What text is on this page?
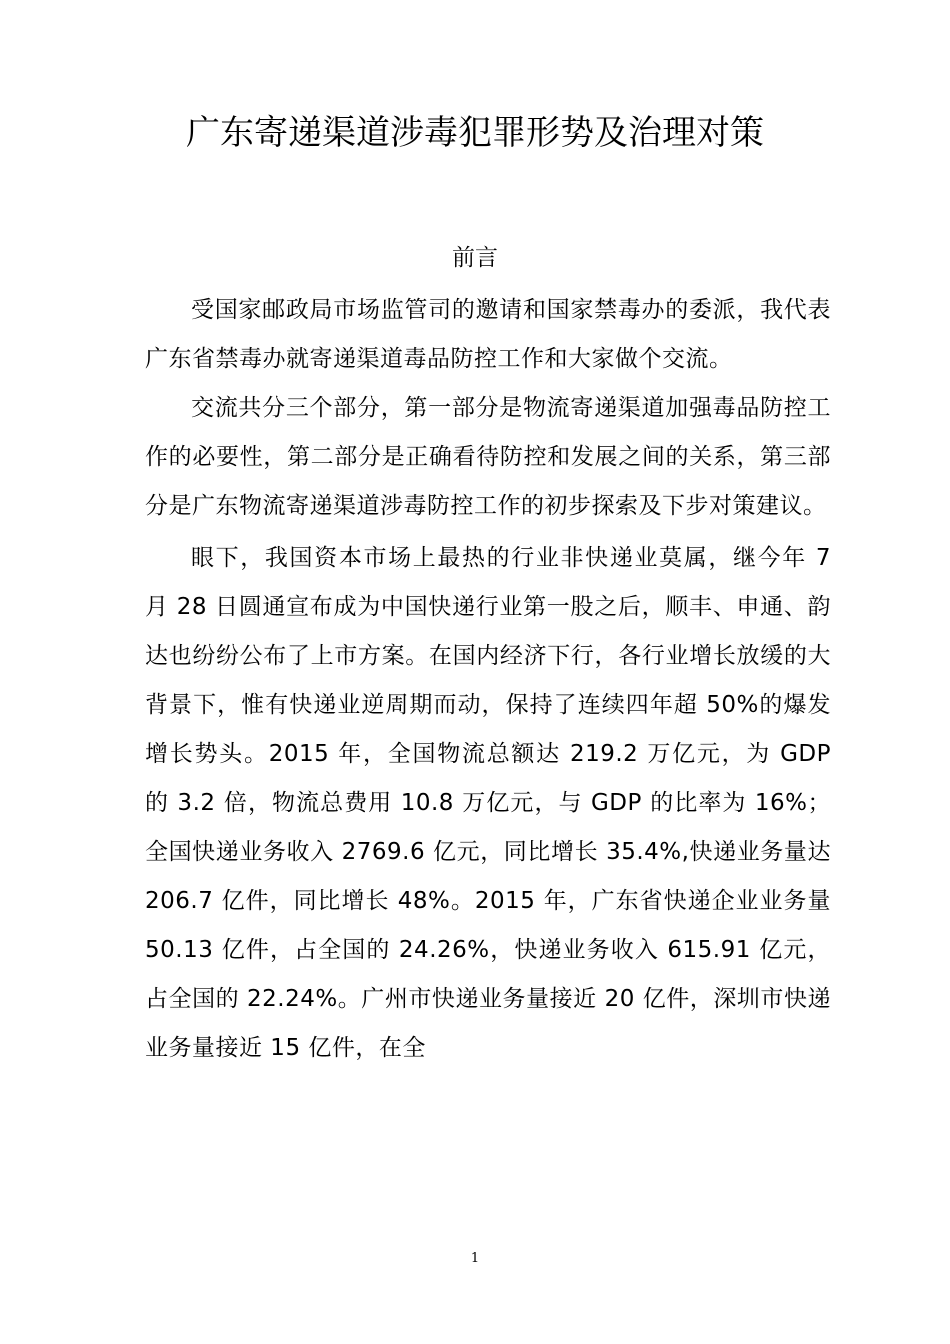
广东寄递渠道涉毒犯罪形势及治理对策
前言

受国家邮政局市场监管司的邀请和国家禁毒办的委派，我代表广东省禁毒办就寄递渠道毒品防控工作和大家做个交流。

交流共分三个部分，第一部分是物流寄递渠道加强毒品防控工作的必要性，第二部分是正确看待防控和发展之间的关系，第三部分是广东物流寄递渠道涉毒防控工作的初步探索及下步对策建议。

眼下，我国资本市场上最热的行业非快递业莫属，继今年 7 月 28 日圆通宣布成为中国快递行业第一股之后，顺丰、申通、韵达也纷纷公布了上市方案。在国内经济下行，各行业增长放缓的大背景下，惟有快递业逆周期而动，保持了连续四年超 50%的爆发增长势头。2015 年，全国物流总额达 219.2 万亿元，为 GDP 的 3.2 倍，物流总费用 10.8 万亿元，与 GDP 的比率为 16%；全国快递业务收入 2769.6 亿元，同比增长 35.4%,快递业务量达 206.7 亿件，同比增长 48%。2015 年，广东省快递企业业务量 50.13 亿件，占全国的 24.26%，快递业务收入 615.91 亿元，占全国的 22.24%。广州市快递业务量接近 20 亿件，深圳市快递业务量接近 15 亿件，在全

1
